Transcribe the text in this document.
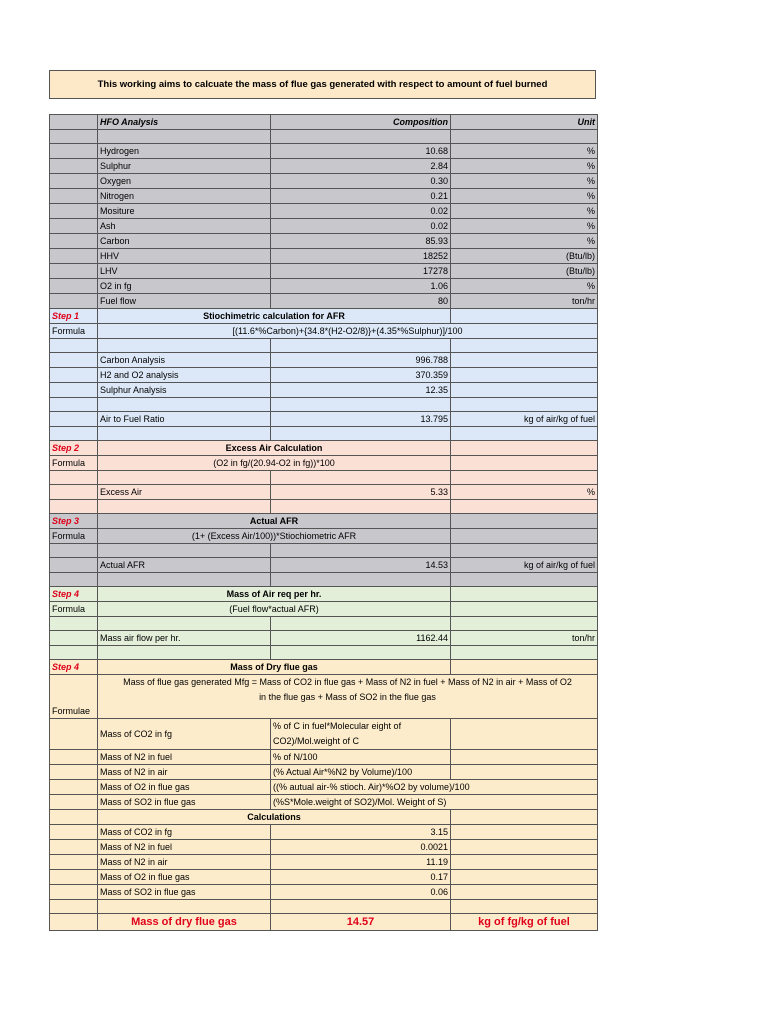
This working aims to calcuate the mass of flue gas generated with respect to amount of fuel burned
	HFO Analysis	Composition	Unit

	Hydrogen	10.68	%
	Sulphur	2.84	%
	Oxygen	0.30	%
	Nitrogen	0.21	%
	Mositure	0.02	%
	Ash	0.02	%
	Carbon	85.93	%
	HHV	18252	(Btu/lb)
	LHV	17278	(Btu/lb)
	O2 in fg	1.06	%
	Fuel flow	80	ton/hr
Step 1	Stiochimetric calculation for AFR		
Formula	[(11.6*%Carbon)+{34.8*(H2-O2/8)}+(4.35*%Sulphur)]/100		

	Carbon Analysis	996.788	
	H2 and O2 analysis	370.359	
	Sulphur Analysis	12.35	

	Air to Fuel Ratio	13.795	kg of air/kg of fuel

Step 2	Excess Air Calculation		
Formula	(O2 in fg/(20.94-O2 in fg))*100		

	Excess Air	5.33	%

Step 3	Actual AFR		
Formula	(1+ (Excess Air/100))*Stiochiometric AFR		

	Actual AFR	14.53	kg of air/kg of fuel

Step 4	Mass of Air req per hr.		
Formula	(Fuel flow*actual AFR)		

	Mass air flow per hr.	1162.44	ton/hr

Step 4	Mass of Dry flue gas		
Formulae	Mass of flue gas generated Mfg = Mass of CO2 in flue gas + Mass of N2 in fuel + Mass of N2 in air + Mass of O2
in the flue gas + Mass of SO2 in the flue gas		

	Mass of CO2 in fg	% of C in fuel*Molecular eight of
CO2)/Mol.weight of C	

	Mass of N2 in fuel	% of N/100	
	Mass of N2 in air	(% Actual Air*%N2 by Volume)/100	
	Mass of O2 in flue gas	((% autual air-% stioch. Air)*%O2 by volume)/100	
	Mass of SO2 in flue gas	(%S*Mole.weight of SO2)/Mol. Weight of S)	
	Calculations		
	Mass of CO2 in fg	3.15	
	Mass of N2 in fuel	0.0021	
	Mass of N2 in air	11.19	
	Mass of O2 in flue gas	0.17	
	Mass of SO2 in flue gas	0.06	

	Mass of dry flue gas	14.57	kg of fg/kg of fuel
